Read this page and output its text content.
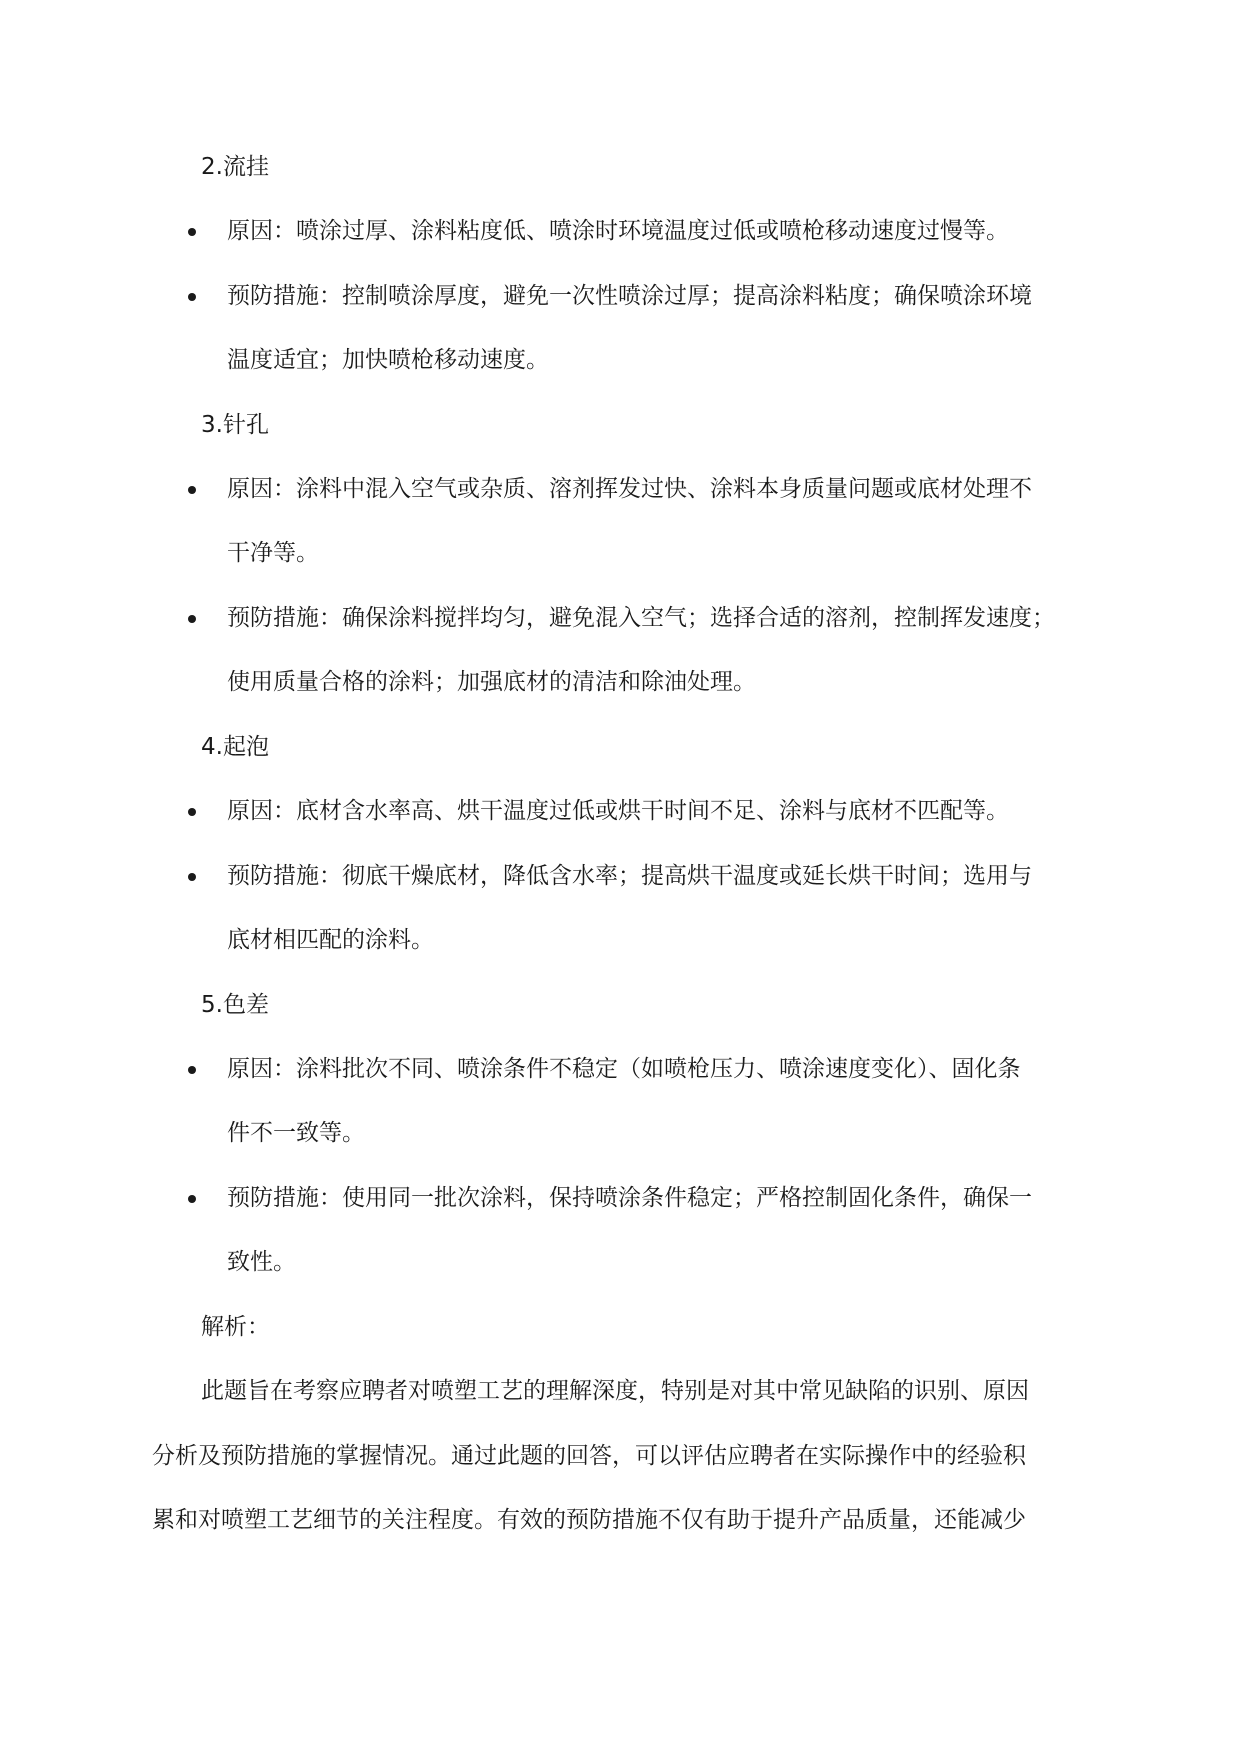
2.流挂
原因：喷涂过厚、涂料粘度低、喷涂时环境温度过低或喷枪移动速度过慢等。
预防措施：控制喷涂厚度，避免一次性喷涂过厚；提高涂料粘度；确保喷涂环境
温度适宜；加快喷枪移动速度。
3.针孔
原因：涂料中混入空气或杂质、溶剂挥发过快、涂料本身质量问题或底材处理不
干净等。
预防措施：确保涂料搅拌均匀，避免混入空气；选择合适的溶剂，控制挥发速度；
使用质量合格的涂料；加强底材的清洁和除油处理。
4.起泡
原因：底材含水率高、烘干温度过低或烘干时间不足、涂料与底材不匹配等。
预防措施：彻底干燥底材，降低含水率；提高烘干温度或延长烘干时间；选用与
底材相匹配的涂料。
5.色差
原因：涂料批次不同、喷涂条件不稳定（如喷枪压力、喷涂速度变化）、固化条
件不一致等。
预防措施：使用同一批次涂料，保持喷涂条件稳定；严格控制固化条件，确保一
致性。
解析：
此题旨在考察应聘者对喷塑工艺的理解深度，特别是对其中常见缺陷的识别、原因
分析及预防措施的掌握情况。通过此题的回答，可以评估应聘者在实际操作中的经验积
累和对喷塑工艺细节的关注程度。有效的预防措施不仅有助于提升产品质量，还能减少
